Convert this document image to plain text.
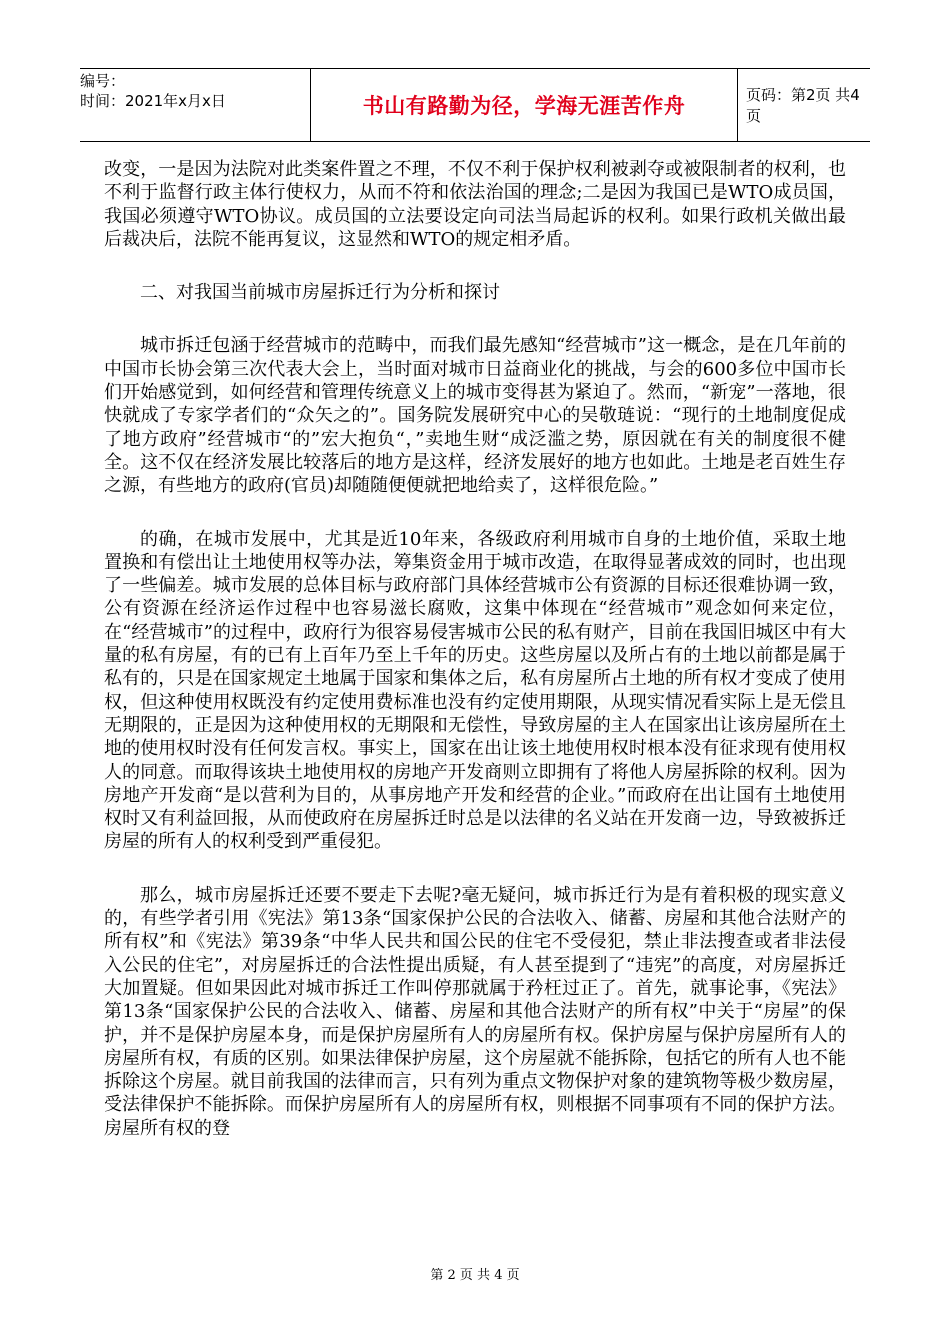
编号：
时间：2021年x月x日	书山有路勤为径，学海无涯苦作舟	页码：第2页 共4页

改变，一是因为法院对此类案件置之不理，不仅不利于保护权利被剥夺或被限制者的权利，也不利于监督行政主体行使权力，从而不符和依法治国的理念;二是因为我国已是WTO成员国，我国必须遵守WTO协议。成员国的立法要设定向司法当局起诉的权利。如果行政机关做出最后裁决后，法院不能再复议，这显然和WTO的规定相矛盾。

二、对我国当前城市房屋拆迁行为分析和探讨

城市拆迁包涵于经营城市的范畴中，而我们最先感知“经营城市”这一概念，是在几年前的中国市长协会第三次代表大会上，当时面对城市日益商业化的挑战，与会的600多位中国市长们开始感觉到，如何经营和管理传统意义上的城市变得甚为紧迫了。然而，“新宠”一落地，很快就成了专家学者们的“众矢之的”。国务院发展研究中心的吴敬琏说：“现行的土地制度促成了地方政府”经营城市“的”宏大抱负“，”卖地生财“成泛滥之势，原因就在有关的制度很不健全。这不仅在经济发展比较落后的地方是这样，经济发展好的地方也如此。土地是老百姓生存之源，有些地方的政府(官员)却随随便便就把地给卖了，这样很危险。”

的确，在城市发展中，尤其是近10年来，各级政府利用城市自身的土地价值，采取土地置换和有偿出让土地使用权等办法，筹集资金用于城市改造，在取得显著成效的同时，也出现了一些偏差。城市发展的总体目标与政府部门具体经营城市公有资源的目标还很难协调一致，公有资源在经济运作过程中也容易滋长腐败，这集中体现在“经营城市”观念如何来定位，在“经营城市”的过程中，政府行为很容易侵害城市公民的私有财产，目前在我国旧城区中有大量的私有房屋，有的已有上百年乃至上千年的历史。这些房屋以及所占有的土地以前都是属于私有的，只是在国家规定土地属于国家和集体之后，私有房屋所占土地的所有权才变成了使用权，但这种使用权既没有约定使用费标准也没有约定使用期限，从现实情况看实际上是无偿且无期限的，正是因为这种使用权的无期限和无偿性，导致房屋的主人在国家出让该房屋所在土地的使用权时没有任何发言权。事实上，国家在出让该土地使用权时根本没有征求现有使用权人的同意。而取得该块土地使用权的房地产开发商则立即拥有了将他人房屋拆除的权利。因为房地产开发商“是以营利为目的，从事房地产开发和经营的企业。”而政府在出让国有土地使用权时又有利益回报，从而使政府在房屋拆迁时总是以法律的名义站在开发商一边，导致被拆迁房屋的所有人的权利受到严重侵犯。

那么，城市房屋拆迁还要不要走下去呢?毫无疑问，城市拆迁行为是有着积极的现实意义的，有些学者引用《宪法》第13条“国家保护公民的合法收入、储蓄、房屋和其他合法财产的所有权”和《宪法》第39条“中华人民共和国公民的住宅不受侵犯，禁止非法搜查或者非法侵入公民的住宅”，对房屋拆迁的合法性提出质疑，有人甚至提到了“违宪”的高度，对房屋拆迁大加置疑。但如果因此对城市拆迁工作叫停那就属于矜枉过正了。首先，就事论事，《宪法》第13条“国家保护公民的合法收入、储蓄、房屋和其他合法财产的所有权”中关于“房屋”的保护，并不是保护房屋本身，而是保护房屋所有人的房屋所有权。保护房屋与保护房屋所有人的房屋所有权，有质的区别。如果法律保护房屋，这个房屋就不能拆除，包括它的所有人也不能拆除这个房屋。就目前我国的法律而言，只有列为重点文物保护对象的建筑物等极少数房屋，受法律保护不能拆除。而保护房屋所有人的房屋所有权，则根据不同事项有不同的保护方法。房屋所有权的登

第 2 页 共 4 页
